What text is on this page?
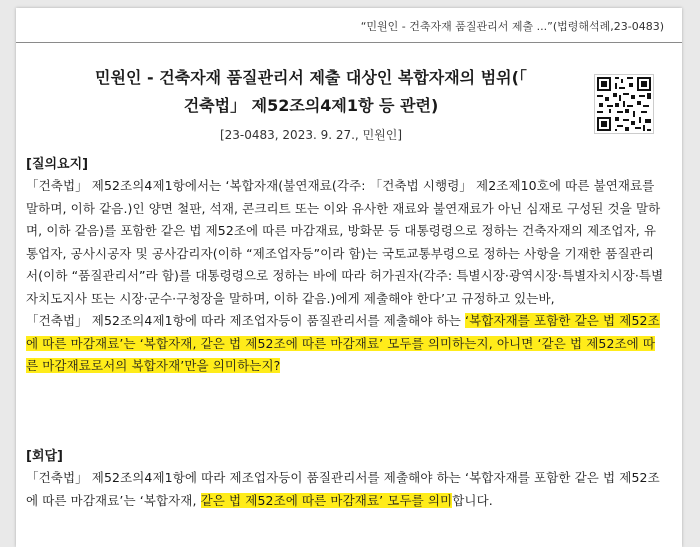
“민원인 - 건축자재 품질관리서 제출 ...”(법령해석례,23-0483)
민원인 - 건축자재 품질관리서 제출 대상인 복합자재의 범위(「
건축법」 제52조의4제1항 등 관련)
[23-0483, 2023. 9. 27., 민원인]
[질의요지]

「건축법」 제52조의4제1항에서는 ‘복합자재(불연재료(각주: 「건축법 시행령」 제2조제10호에 따른 불연재료를 말하며, 이하 같음.)인 양면 철판, 석재, 콘크리트 또는 이와 유사한 재료와 불연재료가 아닌 심재로 구성된 것을 말하며, 이하 같음)를 포함한 같은 법 제52조에 따른 마감재료, 방화문 등 대통령령으로 정하는 건축자재의 제조업자, 유통업자, 공사시공자 및 공사감리자(이하 “제조업자등”이라 함)는 국토교통부령으로 정하는 사항을 기재한 품질관리서(이하 “품질관리서”라 함)를 대통령령으로 정하는 바에 따라 허가권자(각주: 특별시장·광역시장·특별자치시장·특별자치도지사 또는 시장·군수·구청장을 말하며, 이하 같음.)에게 제출해야 한다’고 규정하고 있는바,

「건축법」 제52조의4제1항에 따라 제조업자등이 품질관리서를 제출해야 하는 ‘복합자재를 포함한 같은 법 제52조에 따른 마감재료’는 ‘복합자재, 같은 법 제52조에 따른 마감재료’ 모두를 의미하는지, 아니면 ‘같은 법 제52조에 따른 마감재료로서의 복합자재’만을 의미하는지?

[회답]

「건축법」 제52조의4제1항에 따라 제조업자등이 품질관리서를 제출해야 하는 ‘복합자재를 포함한 같은 법 제52조에 따른 마감재료’는 ‘복합자재, 같은 법 제52조에 따른 마감재료’ 모두를 의미합니다.
